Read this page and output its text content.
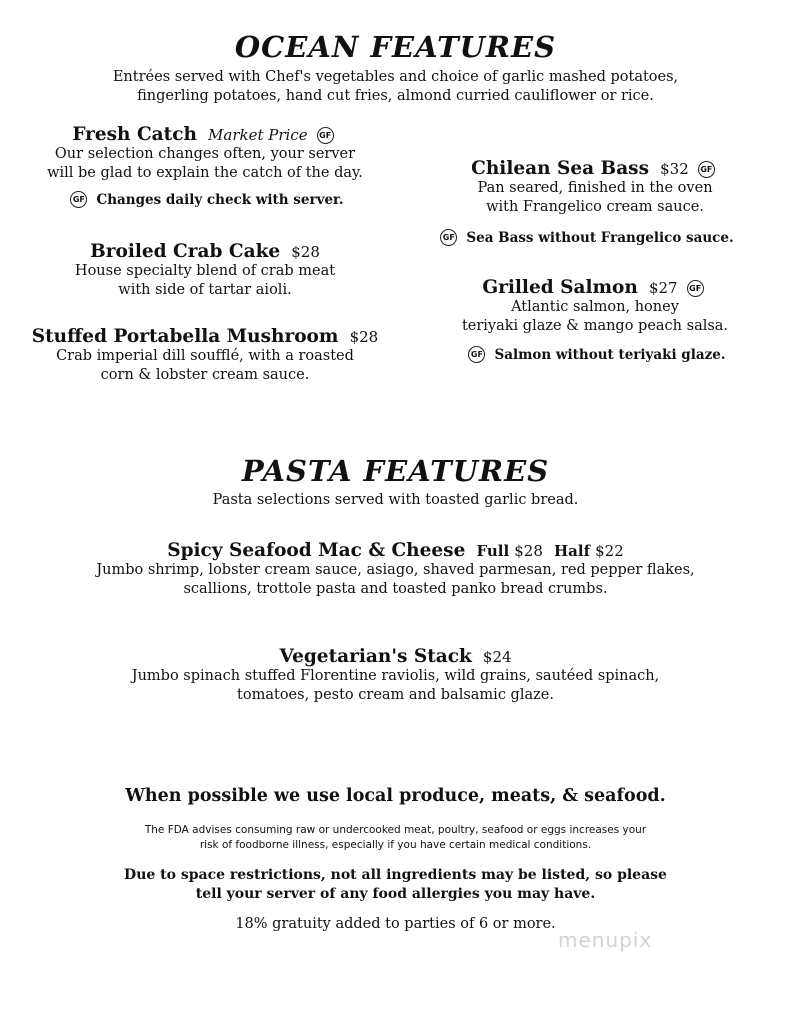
OCEAN FEATURES
Entrées served with Chef's vegetables and choice of garlic mashed potatoes,
fingerling potatoes, hand cut fries, almond curried cauliflower or rice.
Fresh Catch Market Price GF
Our selection changes often, your server
will be glad to explain the catch of the day.
GF Changes daily check with server.
Broiled Crab Cake $28
House specialty blend of crab meat
with side of tartar aioli.
Stuffed Portabella Mushroom $28
Crab imperial dill soufflé, with a roasted
corn & lobster cream sauce.
Chilean Sea Bass $32 GF
Pan seared, finished in the oven
with Frangelico cream sauce.
GF Sea Bass without Frangelico sauce.
Grilled Salmon $27 GF
Atlantic salmon, honey
teriyaki glaze & mango peach salsa.
GF Salmon without teriyaki glaze.
PASTA FEATURES
Pasta selections served with toasted garlic bread.
Spicy Seafood Mac & Cheese Full $28 Half $22
Jumbo shrimp, lobster cream sauce, asiago, shaved parmesan, red pepper flakes,
scallions, trottole pasta and toasted panko bread crumbs.
Vegetarian's Stack $24
Jumbo spinach stuffed Florentine raviolis, wild grains, sautéed spinach,
tomatoes, pesto cream and balsamic glaze.
When possible we use local produce, meats, & seafood.
The FDA advises consuming raw or undercooked meat, poultry, seafood or eggs increases your
risk of foodborne illness, especially if you have certain medical conditions.
Due to space restrictions, not all ingredients may be listed, so please
tell your server of any food allergies you may have.
18% gratuity added to parties of 6 or more.
menupix
